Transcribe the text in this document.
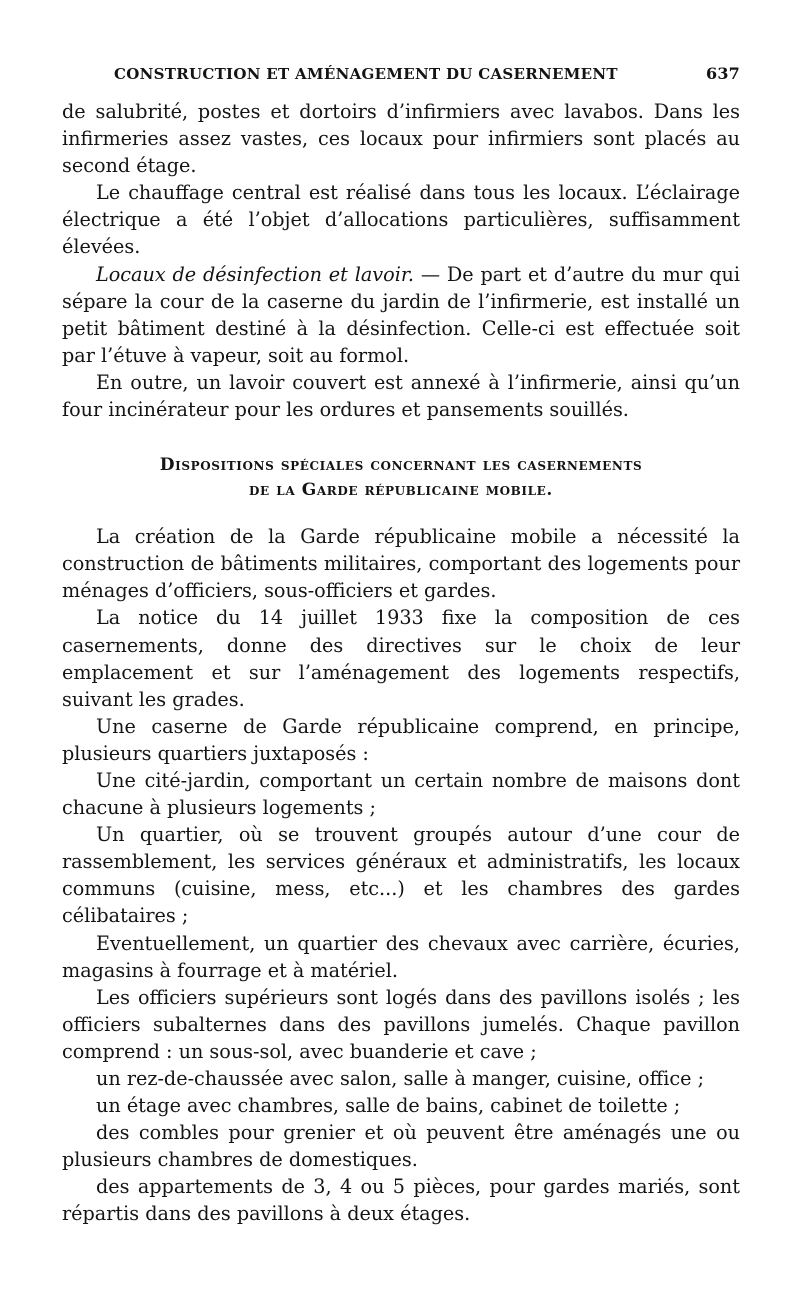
CONSTRUCTION ET AMÉNAGEMENT DU CASERNEMENT	637

de salubrité, postes et dortoirs d’infirmiers avec lavabos. Dans les infirmeries assez vastes, ces locaux pour infirmiers sont placés au second étage.

Le chauffage central est réalisé dans tous les locaux. L’éclairage électrique a été l’objet d’allocations particulières, suffisamment élevées.

Locaux de désinfection et lavoir. — De part et d’autre du mur qui sépare la cour de la caserne du jardin de l’infirmerie, est installé un petit bâtiment destiné à la désinfection. Celle-ci est effectuée soit par l’étuve à vapeur, soit au formol.

En outre, un lavoir couvert est annexé à l’infirmerie, ainsi qu’un four incinérateur pour les ordures et pansements souillés.

Dispositions spéciales concernant les casernements
de la Garde républicaine mobile.

La création de la Garde républicaine mobile a nécessité la construction de bâtiments militaires, comportant des logements pour ménages d’officiers, sous-officiers et gardes.

La notice du 14 juillet 1933 fixe la composition de ces casernements, donne des directives sur le choix de leur emplacement et sur l’aménagement des logements respectifs, suivant les grades.

Une caserne de Garde républicaine comprend, en principe, plusieurs quartiers juxtaposés :

Une cité-jardin, comportant un certain nombre de maisons dont chacune à plusieurs logements ;

Un quartier, où se trouvent groupés autour d’une cour de rassemblement, les services généraux et administratifs, les locaux communs (cuisine, mess, etc...) et les chambres des gardes célibataires ;

Eventuellement, un quartier des chevaux avec carrière, écuries, magasins à fourrage et à matériel.

Les officiers supérieurs sont logés dans des pavillons isolés ; les officiers subalternes dans des pavillons jumelés. Chaque pavillon comprend : un sous-sol, avec buanderie et cave ;

un rez-de-chaussée avec salon, salle à manger, cuisine, office ;

un étage avec chambres, salle de bains, cabinet de toilette ;

des combles pour grenier et où peuvent être aménagés une ou plusieurs chambres de domestiques.

des appartements de 3, 4 ou 5 pièces, pour gardes mariés, sont répartis dans des pavillons à deux étages.
